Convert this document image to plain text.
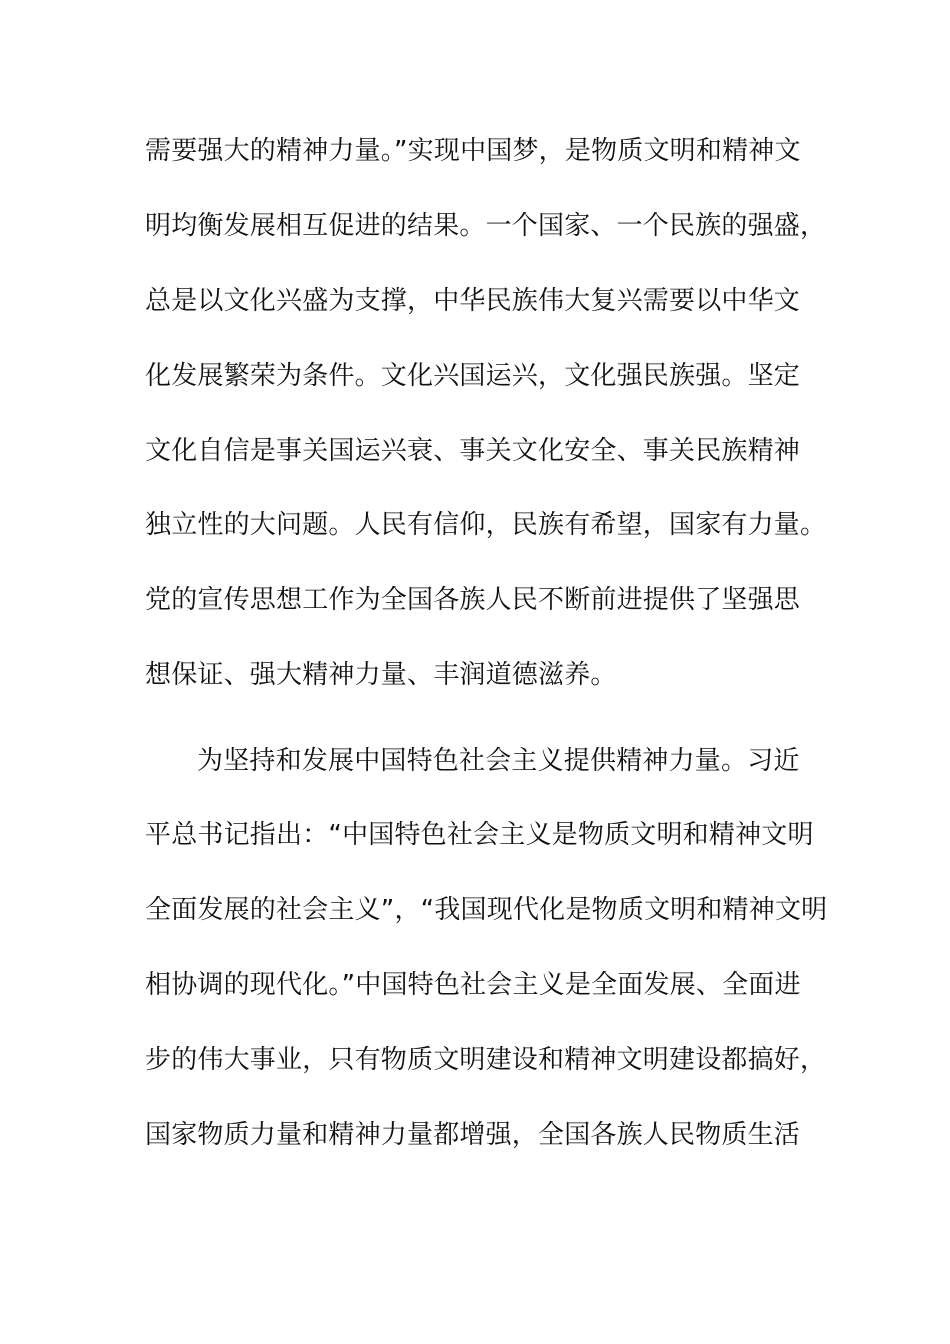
需要强大的精神力量。”实现中国梦，是物质文明和精神文
明均衡发展相互促进的结果。一个国家、一个民族的强盛，
总是以文化兴盛为支撑，中华民族伟大复兴需要以中华文
化发展繁荣为条件。文化兴国运兴，文化强民族强。坚定
文化自信是事关国运兴衰、事关文化安全、事关民族精神
独立性的大问题。人民有信仰，民族有希望，国家有力量。
党的宣传思想工作为全国各族人民不断前进提供了坚强思
想保证、强大精神力量、丰润道德滋养。
为坚持和发展中国特色社会主义提供精神力量。习近
平总书记指出：“中国特色社会主义是物质文明和精神文明
全面发展的社会主义”，“我国现代化是物质文明和精神文明
相协调的现代化。”中国特色社会主义是全面发展、全面进
步的伟大事业，只有物质文明建设和精神文明建设都搞好，
国家物质力量和精神力量都增强，全国各族人民物质生活
